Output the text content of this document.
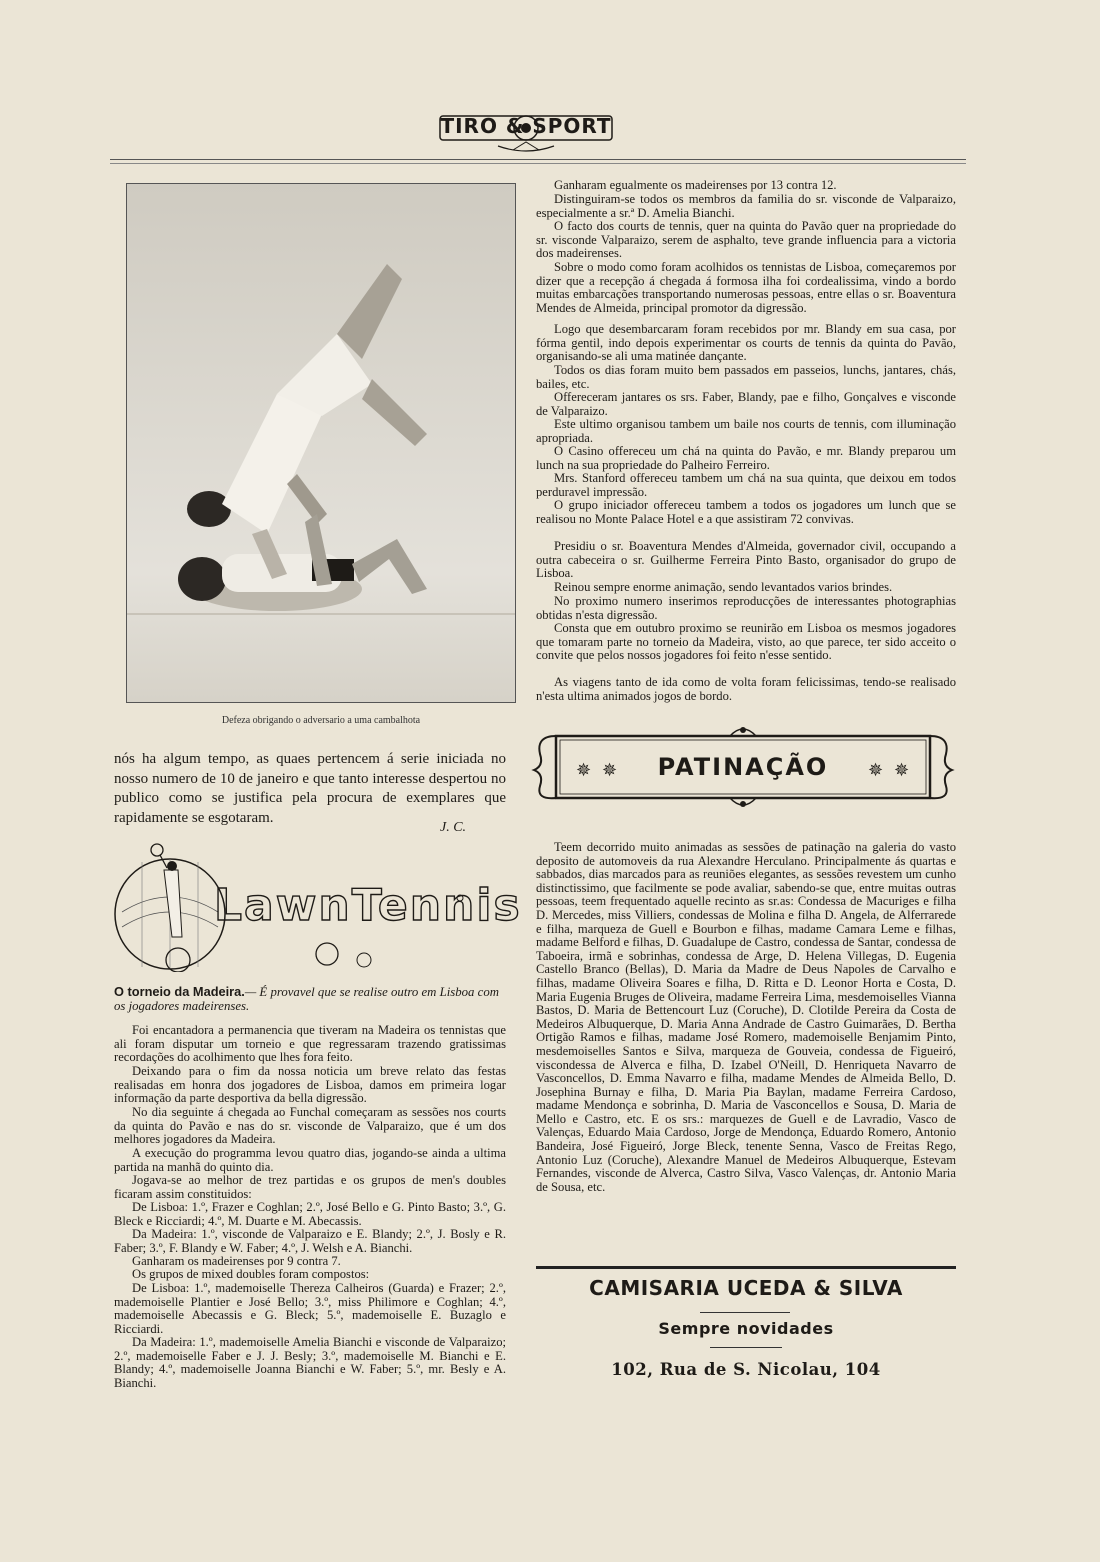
TIRO & SPORT
Defeza obrigando o adversario a uma cambalhota

nós ha algum tempo, as quaes pertencem á serie iniciada no nosso numero de 10 de janeiro e que tanto interesse despertou no publico como se justifica pela procura de exemplares que rapidamente se esgotaram.

J. C.
LawnTennis

O torneio da Madeira.— É provavel que se realise outro em Lisboa com os jogadores madeirenses.

Foi encantadora a permanencia que tiveram na Madeira os tennistas que ali foram disputar um torneio e que regressaram trazendo gratissimas recordações do acolhimento que lhes fora feito.

Deixando para o fim da nossa noticia um breve relato das festas realisadas em honra dos jogadores de Lisboa, damos em primeira logar informação da parte desportiva da bella digressão.

No dia seguinte á chegada ao Funchal começaram as sessões nos courts da quinta do Pavão e nas do sr. visconde de Valparaizo, que é um dos melhores jogadores da Madeira.

A execução do programma levou quatro dias, jogando-se ainda a ultima partida na manhã do quinto dia.

Jogava-se ao melhor de trez partidas e os grupos de men's doubles ficaram assim constituidos:

De Lisboa: 1.º, Frazer e Coghlan; 2.º, José Bello e G. Pinto Basto; 3.º, G. Bleck e Ricciardi; 4.º, M. Duarte e M. Abecassis.

Da Madeira: 1.º, visconde de Valparaizo e E. Blandy; 2.º, J. Bosly e R. Faber; 3.º, F. Blandy e W. Faber; 4.º, J. Welsh e A. Bianchi.

Ganharam os madeirenses por 9 contra 7.

Os grupos de mixed doubles foram compostos:

De Lisboa: 1.º, mademoiselle Thereza Calheiros (Guarda) e Frazer; 2.º, mademoiselle Plantier e José Bello; 3.º, miss Philimore e Coghlan; 4.º, mademoiselle Abecassis e G. Bleck; 5.º, mademoiselle E. Buzaglo e Ricciardi.

Da Madeira: 1.º, mademoiselle Amelia Bianchi e visconde de Valparaizo; 2.º, mademoiselle Faber e J. J. Besly; 3.º, mademoiselle M. Bianchi e E. Blandy; 4.º, mademoiselle Joanna Bianchi e W. Faber; 5.º, mr. Besly e A. Bianchi.

Ganharam egualmente os madeirenses por 13 contra 12.

Distinguiram-se todos os membros da familia do sr. visconde de Valparaizo, especialmente a sr.ª D. Amelia Bianchi.

O facto dos courts de tennis, quer na quinta do Pavão quer na propriedade do sr. visconde Valparaizo, serem de asphalto, teve grande influencia para a victoria dos madeirenses.

Sobre o modo como foram acolhidos os tennistas de Lisboa, começaremos por dizer que a recepção á chegada á formosa ilha foi cordealissima, vindo a bordo muitas embarcações transportando numerosas pessoas, entre ellas o sr. Boaventura Mendes de Almeida, principal promotor da digressão.

Logo que desembarcaram foram recebidos por mr. Blandy em sua casa, por fórma gentil, indo depois experimentar os courts de tennis da quinta do Pavão, organisando-se ali uma matinée dançante.

Todos os dias foram muito bem passados em passeios, lunchs, jantares, chás, bailes, etc.

Offereceram jantares os srs. Faber, Blandy, pae e filho, Gonçalves e visconde de Valparaizo.

Este ultimo organisou tambem um baile nos courts de tennis, com illuminação apropriada.

O Casino offereceu um chá na quinta do Pavão, e mr. Blandy preparou um lunch na sua propriedade do Palheiro Ferreiro.

Mrs. Stanford offereceu tambem um chá na sua quinta, que deixou em todos perduravel impressão.

O grupo iniciador offereceu tambem a todos os jogadores um lunch que se realisou no Monte Palace Hotel e a que assistiram 72 convivas.

Presidiu o sr. Boaventura Mendes d'Almeida, governador civil, occupando a outra cabeceira o sr. Guilherme Ferreira Pinto Basto, organisador do grupo de Lisboa.

Reinou sempre enorme animação, sendo levantados varios brindes.

No proximo numero inserimos reproducções de interessantes photographias obtidas n'esta digressão.

Consta que em outubro proximo se reunirão em Lisboa os mesmos jogadores que tomaram parte no torneio da Madeira, visto, ao que parece, ter sido acceito o convite que pelos nossos jogadores foi feito n'esse sentido.

As viagens tanto de ida como de volta foram felicissimas, tendo-se realisado n'esta ultima animados jogos de bordo.

✵ ✵	✵ ✵
PATINAÇÃO

Teem decorrido muito animadas as sessões de patinação na galeria do vasto deposito de automoveis da rua Alexandre Herculano. Principalmente ás quartas e sabbados, dias marcados para as reuniões elegantes, as sessões revestem um cunho distinctissimo, que facilmente se pode avaliar, sabendo-se que, entre muitas outras pessoas, teem frequentado aquelle recinto as sr.as: Condessa de Macuriges e filha D. Mercedes, miss Villiers, condessas de Molina e filha D. Angela, de Alferrarede e filha, marqueza de Guell e Bourbon e filhas, madame Camara Leme e filhas, madame Belford e filhas, D. Guadalupe de Castro, condessa de Santar, condessa de Taboeira, irmã e sobrinhas, condessa de Arge, D. Helena Villegas, D. Eugenia Castello Branco (Bellas), D. Maria da Madre de Deus Napoles de Carvalho e filhas, madame Oliveira Soares e filha, D. Ritta e D. Leonor Horta e Costa, D. Maria Eugenia Bruges de Oliveira, madame Ferreira Lima, mesdemoiselles Vianna Bastos, D. Maria de Bettencourt Luz (Coruche), D. Clotilde Pereira da Costa de Medeiros Albuquerque, D. Maria Anna Andrade de Castro Guimarães, D. Bertha Ortigão Ramos e filhas, madame José Romero, mademoiselle Benjamim Pinto, mesdemoiselles Santos e Silva, marqueza de Gouveia, condessa de Figueiró, viscondessa de Alverca e filha, D. Izabel O'Neill, D. Henriqueta Navarro de Vasconcellos, D. Emma Navarro e filha, madame Mendes de Almeida Bello, D. Josephina Burnay e filha, D. Maria Pia Baylan, madame Ferreira Cardoso, madame Mendonça e sobrinha, D. Maria de Vasconcellos e Sousa, D. Maria de Mello e Castro, etc. E os srs.: marquezes de Guell e de Lavradio, Vasco de Valenças, Eduardo Maia Cardoso, Jorge de Mendonça, Eduardo Romero, Antonio Bandeira, José Figueiró, Jorge Bleck, tenente Senna, Vasco de Freitas Rego, Antonio Luz (Coruche), Alexandre Manuel de Medeiros Albuquerque, Estevam Fernandes, visconde de Alverca, Castro Silva, Vasco Valenças, dr. Antonio Maria de Sousa, etc.

CAMISARIA UCEDA & SILVA
Sempre novidades
102, Rua de S. Nicolau, 104
